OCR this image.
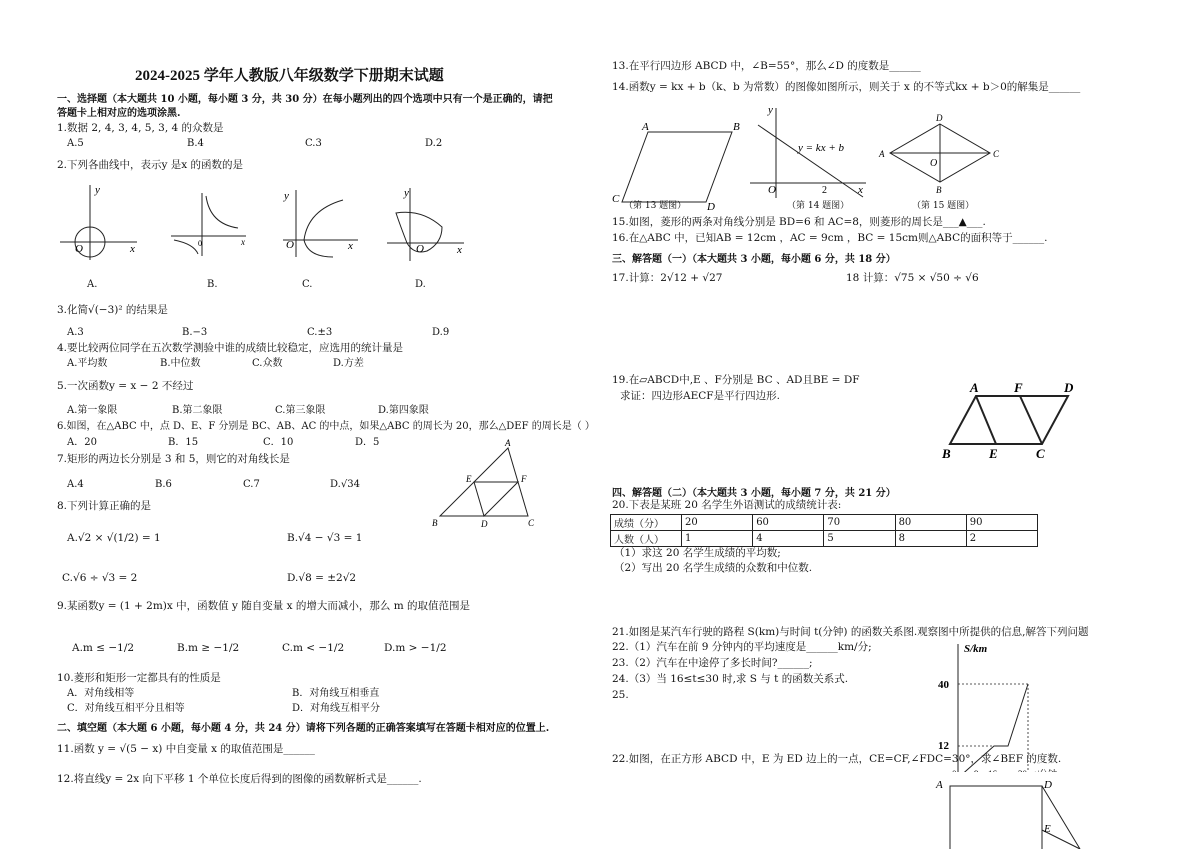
2024-2025 学年人教版八年级数学下册期末试题
一、选择题（本大题共 10 小题，每小题 3 分，共 30 分）在每小题列出的四个选项中只有一个是正确的，请把
答题卡上相对应的选项涂黑.
1.数据 2, 4, 3, 4, 5, 3, 4 的众数是
A.5	B.4	C.3	D.2
2.下列各曲线中，表示y 是x 的函数的是
y
x
O	0	x
y
x
O
y
x
O
A.	B.	C.	D.
3.化简√(−3)² 的结果是
A.3	B.−3	C.±3	D.9
4.要比较两位同学在五次数学测验中谁的成绩比较稳定，应选用的统计量是
A.平均数	B.中位数	C.众数	D.方差
5.一次函数y = x − 2 不经过
A.第一象限	B.第二象限	C.第三象限	D.第四象限
6.如图，在△ABC 中，点 D、E、F 分别是 BC、AB、AC 的中点，如果△ABC 的周长为 20，那么△DEF 的周长是（ ）
A．20	B．15	C．10	D．5	A
B	C
D
E	F
7.矩形的两边长分别是 3 和 5，则它的对角线长是
A.4	B.6	C.7	D.√34
8.下列计算正确的是
A.√2 × √(1/2) = 1	B.√4 − √3 = 1
C.√6 ÷ √3 = 2	D.√8 = ±2√2
9.某函数y = (1 + 2m)x 中，函数值 y 随自变量 x 的增大而减小，那么 m 的取值范围是
A.m ≤ −1/2	B.m ≥ −1/2	C.m < −1/2	D.m > −1/2
10.菱形和矩形一定都具有的性质是
A．对角线相等	B．对角线互相垂直
C．对角线互相平分且相等	D．对角线互相平分
二、填空题（本大题 6 小题，每小题 4 分，共 24 分）请将下列各题的正确答案填写在答题卡相对应的位置上.
11.函数 y = √(5 − x) 中自变量 x 的取值范围是______
12.将直线y = 2x 向下平移 1 个单位长度后得到的图像的函数解析式是______.
13.在平行四边形 ABCD 中，∠B=55°，那么∠D 的度数是______
14.函数y = kx + b（k、b 为常数）的图像如图所示，则关于 x 的不等式kx + b＞0的解集是______
A	B
C
D
（第 13 题图）
y
x
O
y = kx + b
2
（第 14 题图）
D
A	C
B
O
（第 15 题图）
15.如图，菱形的两条对角线分别是 BD=6 和 AC=8，则菱形的周长是___▲___.
16.在△ABC 中，已知AB = 12cm ，AC = 9cm ，BC = 15cm则△ABC的面积等于______.
三、解答题（一）（本大题共 3 小题，每小题 6 分，共 18 分）
17.计算：2√12 + √27	18 计算：√75 × √50 ÷ √6
19.在▱ABCD中,E 、F分别是 BC 、AD且BE = DF
求证：四边形AECF是平行四边形.
A	F	D
B	E	C
四、解答题（二）（本大题共 3 小题，每小题 7 分，共 21 分）
20.下表是某班 20 名学生外语测试的成绩统计表:
成绩（分）	20	60	70	80	90
人数（人）	1	4	5	8	2
（1）求这 20 名学生成绩的平均数;
（2）写出 20 名学生成绩的众数和中位数.
21.如图是某汽车行驶的路程 S(km)与时间 t(分钟) 的函数关系图.观察图中所提供的信息,解答下列问题
22.（1）汽车在前 9 分钟内的平均速度是______km/分;
23.（2）汽车在中途停了多长时间?______;
24.（3）当 16≤t≤30 时,求 S 与 t 的函数关系式.
25.
S/km
40
12
0 9 16 30 t/分钟
22.如图，在正方形 ABCD 中，E 为 ED 边上的一点，CE=CF,∠FDC=30°，求∠BEF 的度数.
A	D
E
